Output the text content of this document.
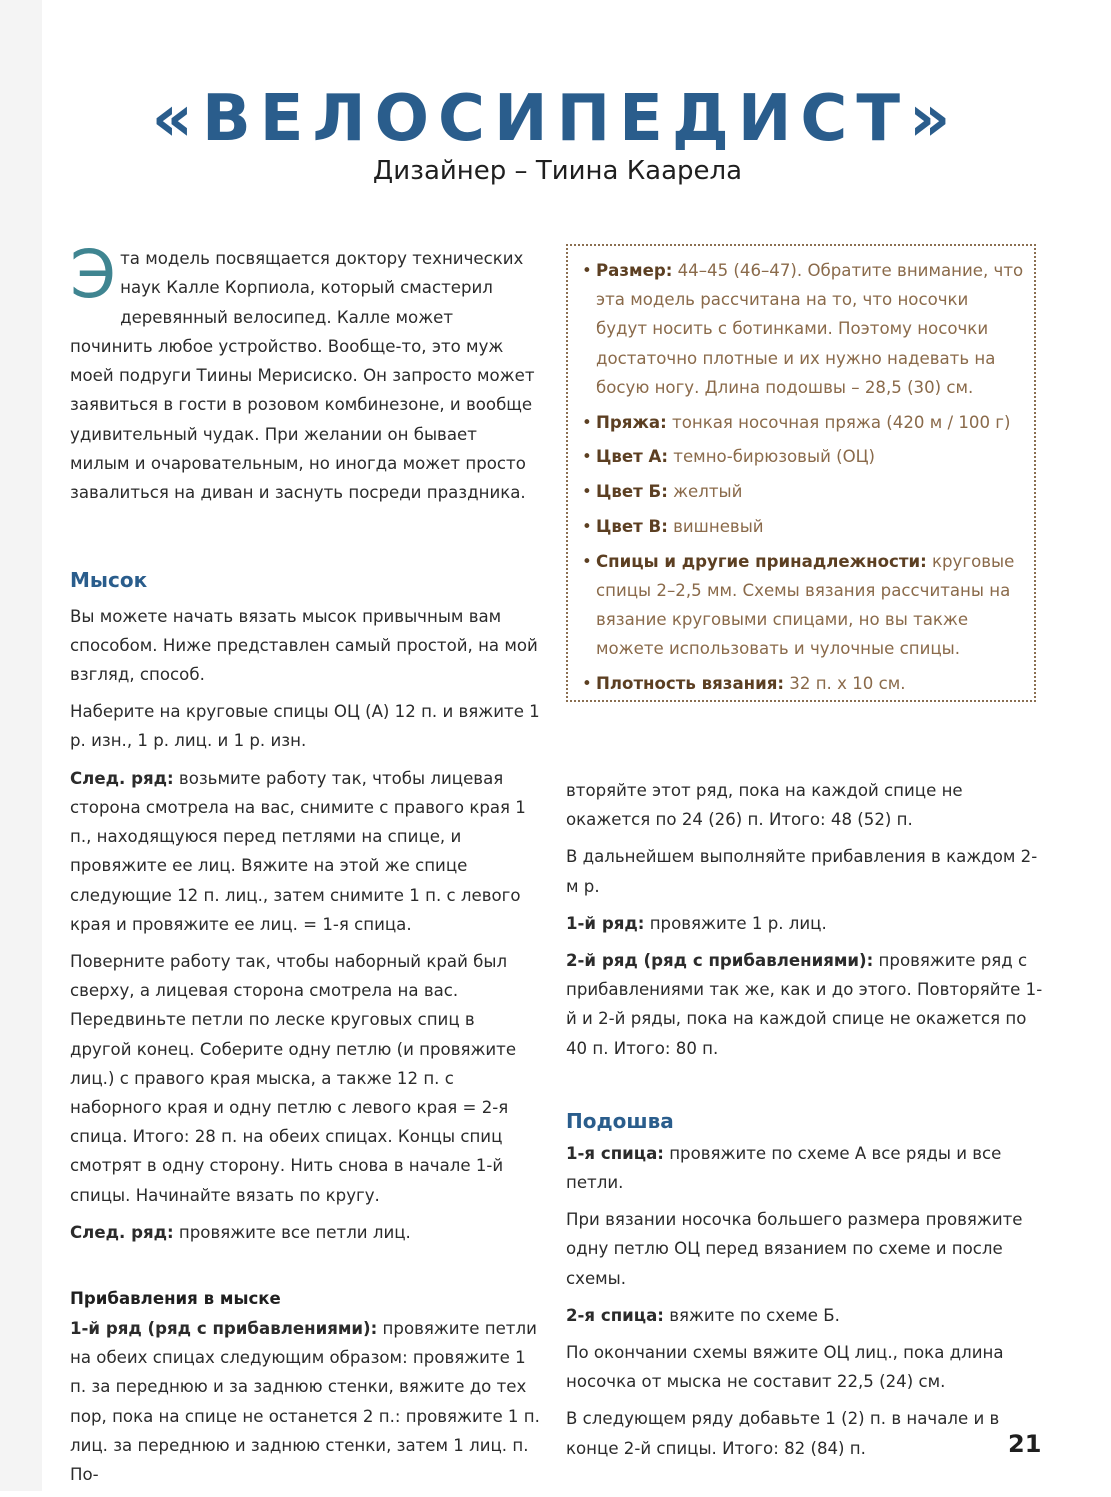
«ВЕЛОСИПЕДИСТ»
Дизайнер – Тиина Каарела

Эта модель посвящается доктору технических наук Калле Корпиола, который смастерил деревянный велосипед. Калле может починить любое устройство. Вообще-то, это муж моей подруги Тиины Мерисиско. Он запросто может заявиться в гости в розовом комбинезоне, и вообще удивительный чудак. При желании он бывает милым и очаровательным, но иногда может просто завалиться на диван и заснуть посреди праздника.

Мысок

Вы можете начать вязать мысок привычным вам способом. Ниже представлен самый простой, на мой взгляд, способ.

Наберите на круговые спицы ОЦ (А) 12 п. и вяжите 1 р. изн., 1 р. лиц. и 1 р. изн.

След. ряд: возьмите работу так, чтобы лицевая сторона смотрела на вас, снимите с правого края 1 п., находящуюся перед петлями на спице, и провяжите ее лиц. Вяжите на этой же спице следующие 12 п. лиц., затем снимите 1 п. с левого края и провяжите ее лиц. = 1-я спица.

Поверните работу так, чтобы наборный край был сверху, а лицевая сторона смотрела на вас. Передвиньте петли по леске круговых спиц в другой конец. Соберите одну петлю (и провяжите лиц.) с правого края мыска, а также 12 п. с наборного края и одну петлю с левого края = 2-я спица. Итого: 28 п. на обеих спицах. Концы спиц смотрят в одну сторону. Нить снова в начале 1-й спицы. Начинайте вязать по кругу.

След. ряд: провяжите все петли лиц.

Прибавления в мыске

1-й ряд (ряд с прибавлениями): провяжите петли на обеих спицах следующим образом: провяжите 1 п. за переднюю и за заднюю стенки, вяжите до тех пор, пока на спице не останется 2 п.: провяжите 1 п. лиц. за переднюю и заднюю стенки, затем 1 лиц. п. По-

• Размер: 44–45 (46–47). Обратите внимание, что эта модель рассчитана на то, что носочки будут носить с ботинками. Поэтому носочки достаточно плотные и их нужно надевать на босую ногу. Длина подошвы – 28,5 (30) см.
• Пряжа: тонкая носочная пряжа (420 м / 100 г)
• Цвет А: темно-бирюзовый (ОЦ)
• Цвет Б: желтый
• Цвет В: вишневый
• Спицы и другие принадлежности: круговые спицы 2–2,5 мм. Схемы вязания рассчитаны на вязание круговыми спицами, но вы также можете использовать и чулочные спицы.
• Плотность вязания: 32 п. х 10 см.

вторяйте этот ряд, пока на каждой спице не окажется по 24 (26) п. Итого: 48 (52) п.

В дальнейшем выполняйте прибавления в каждом 2-м р.

1-й ряд: провяжите 1 р. лиц.

2-й ряд (ряд с прибавлениями): провяжите ряд с прибавлениями так же, как и до этого. Повторяйте 1-й и 2-й ряды, пока на каждой спице не окажется по 40 п. Итого: 80 п.

Подошва

1-я спица: провяжите по схеме А все ряды и все петли.

При вязании носочка большего размера провяжите одну петлю ОЦ перед вязанием по схеме и после схемы.

2-я спица: вяжите по схеме Б.

По окончании схемы вяжите ОЦ лиц., пока длина носочка от мыска не составит 22,5 (24) см.

В следующем ряду добавьте 1 (2) п. в начале и в конце 2-й спицы. Итого: 82 (84) п.	21
